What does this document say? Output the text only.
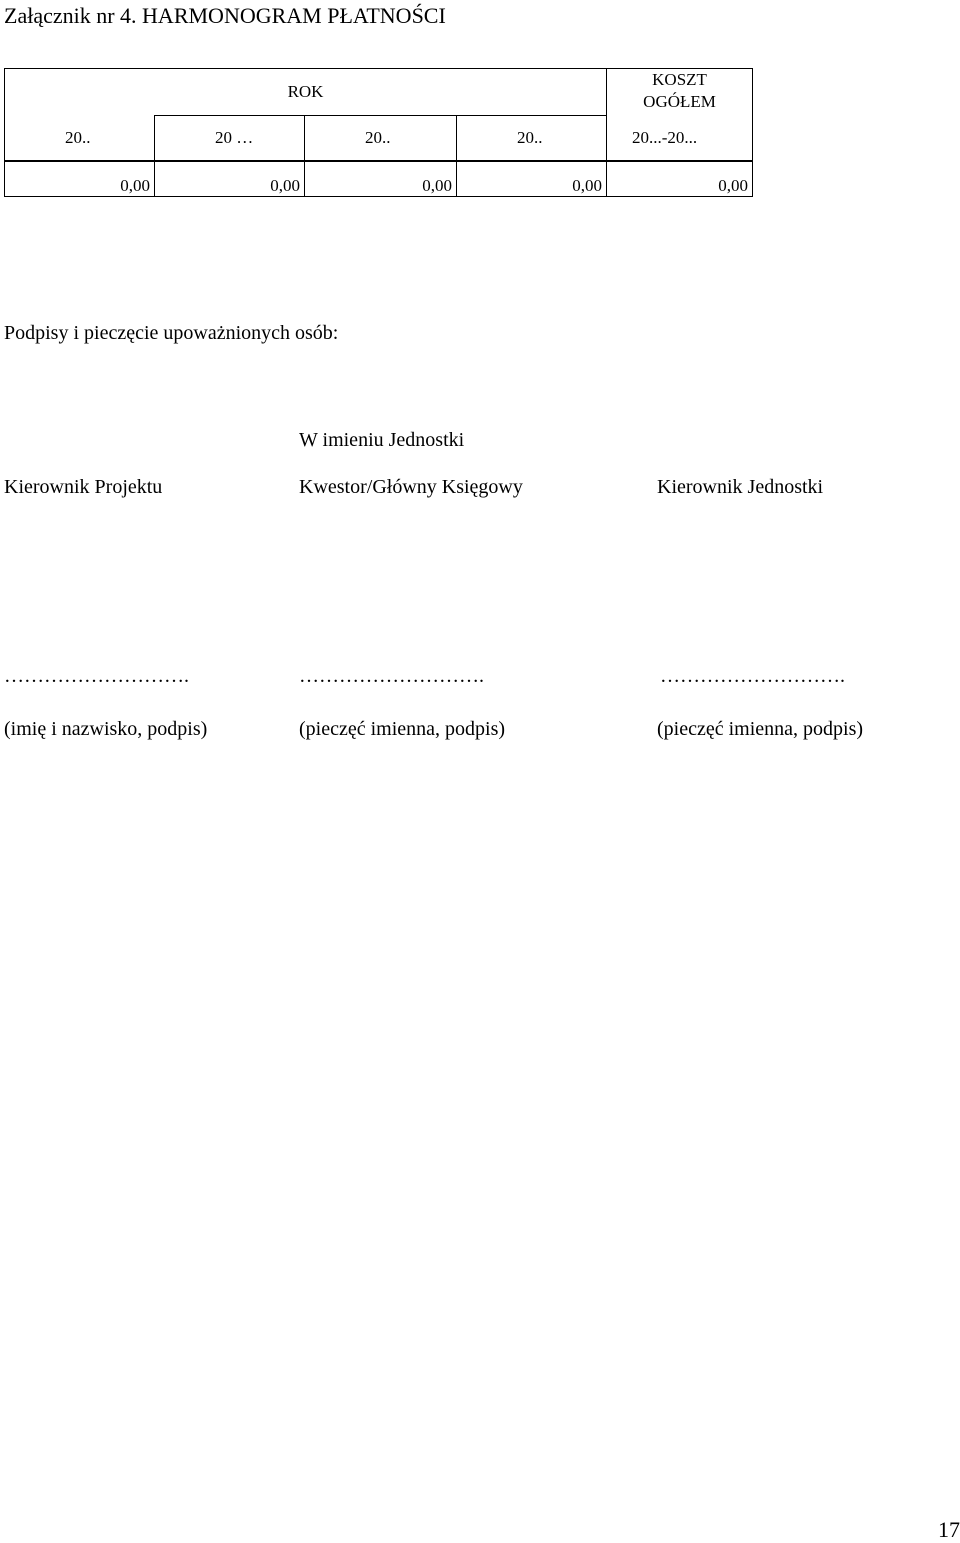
Załącznik nr 4. HARMONOGRAM PŁATNOŚCI
ROK				KOSZT
OGÓŁEM

20..	20 …	20..	20..	20...-20...

0,00	0,00	0,00	0,00	0,00
Podpisy i pieczęcie upoważnionych osób:
W imieniu Jednostki
Kierownik Projektu	Kwestor/Główny Księgowy	Kierownik Jednostki
……………………….	……………………….	……………………….
(imię i nazwisko, podpis)	(pieczęć imienna, podpis)	(pieczęć imienna, podpis)
17
